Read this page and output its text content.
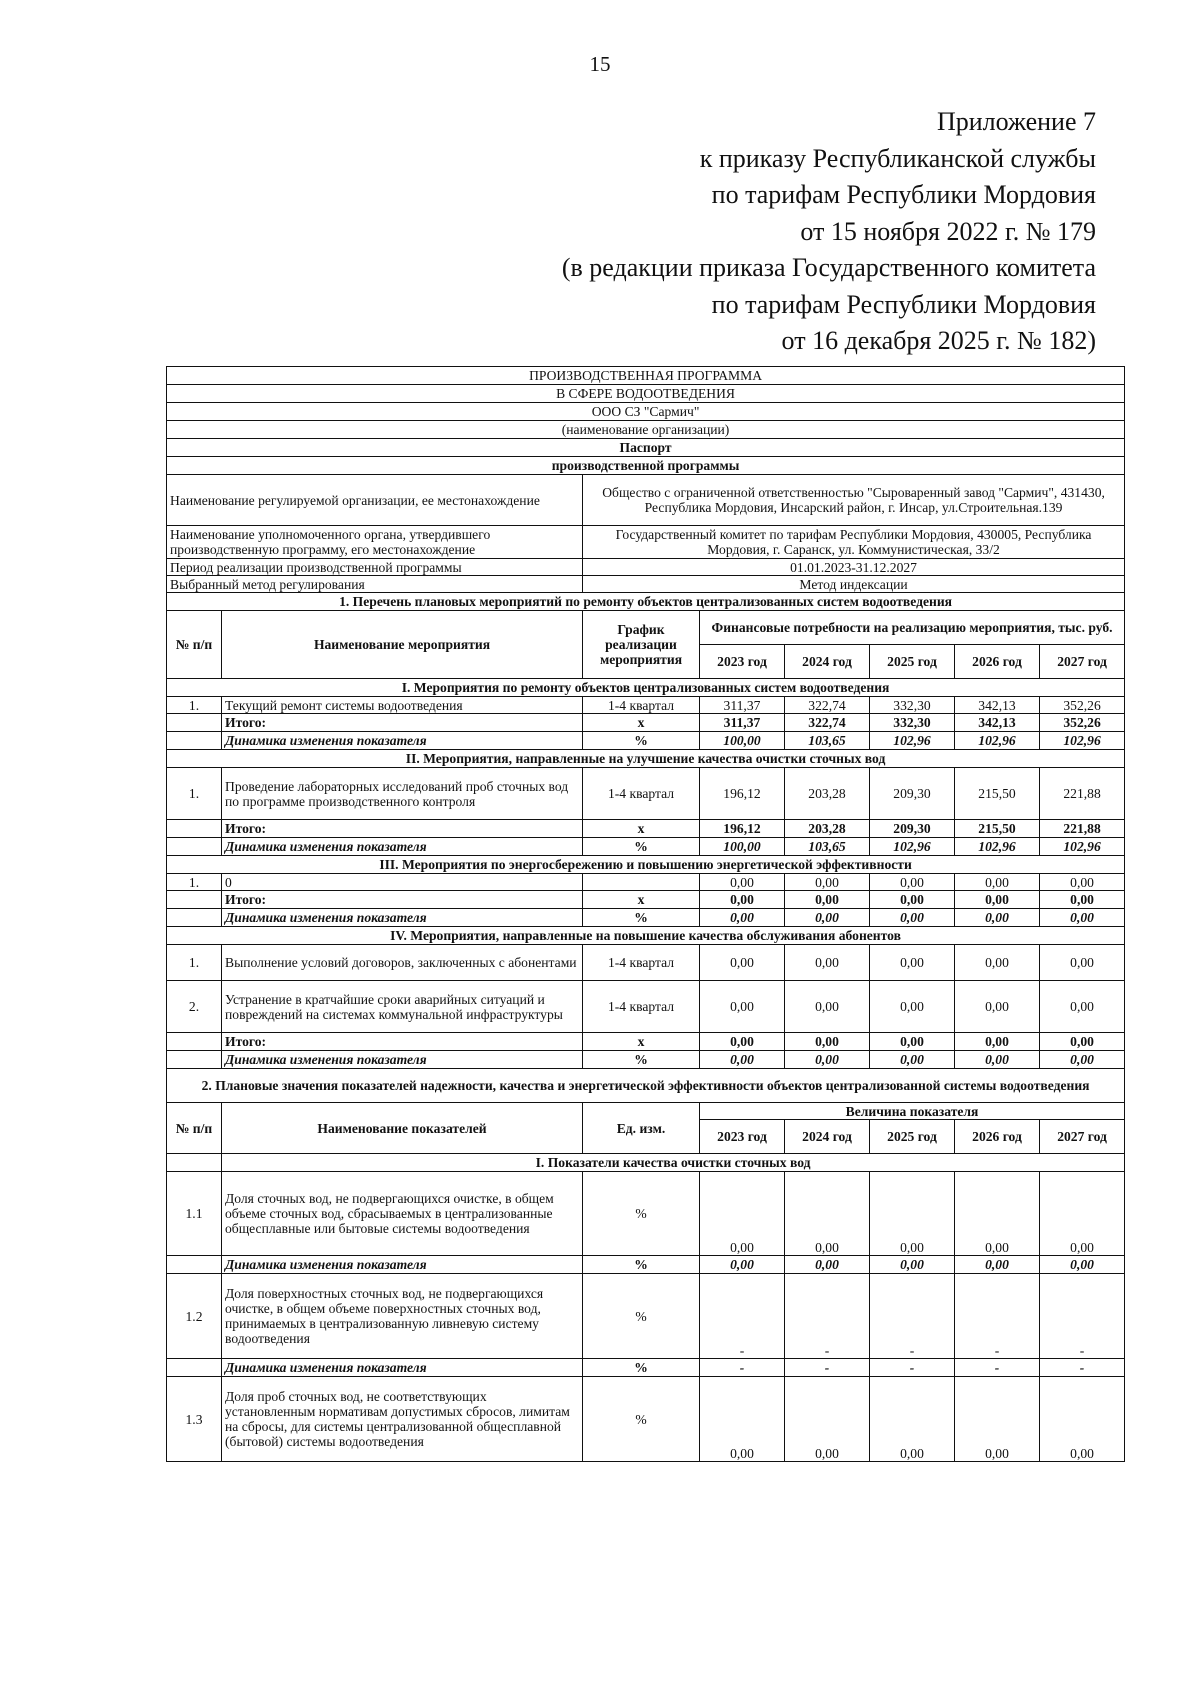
15
Приложение 7
к приказу Республиканской службы
по тарифам Республики Мордовия
от 15 ноября 2022 г. № 179
(в редакции приказа Государственного комитета
по тарифам Республики Мордовия
от 16 декабря 2025 г. № 182)
ПРОИЗВОДСТВЕННАЯ ПРОГРАММА							
В СФЕРЕ ВОДООТВЕДЕНИЯ							
ООО СЗ "Сармич"							
(наименование организации)							
Паспорт							
производственной программы							
Наименование регулируемой организации, ее местонахождение		Общество с ограниченной ответственностью "Сыроваренный завод "Сармич", 431430, Республика Мордовия, Инсарский район, г. Инсар, ул.Строительная.139					
Наименование уполномоченного органа, утвердившего производственную программу, его местонахождение		Государственный комитет по тарифам Республики Мордовия, 430005, Республика Мордовия, г. Саранск, ул. Коммунистическая, 33/2					
Период реализации производственной программы		01.01.2023-31.12.2027					
Выбранный метод регулирования		Метод индексации					
1. Перечень плановых мероприятий по ремонту объектов централизованных систем водоотведения							
№ п/п	Наименование мероприятия	График реализации мероприятия	Финансовые потребности на реализацию мероприятия, тыс. руб.				
			2023 год	2024 год	2025 год	2026 год	2027 год
I. Мероприятия по ремонту объектов централизованных систем водоотведения							
1.	Текущий ремонт системы водоотведения	1-4 квартал	311,37	322,74	332,30	342,13	352,26
	Итого:	х	311,37	322,74	332,30	342,13	352,26
	Динамика изменения показателя	%	100,00	103,65	102,96	102,96	102,96
II. Мероприятия, направленные на улучшение качества очистки сточных вод							
1.	Проведение лабораторных исследований проб сточных вод по программе производственного контроля	1-4 квартал	196,12	203,28	209,30	215,50	221,88
	Итого:	х	196,12	203,28	209,30	215,50	221,88
	Динамика изменения показателя	%	100,00	103,65	102,96	102,96	102,96
III. Мероприятия по энергосбережению и повышению энергетической эффективности							
1.	0		0,00	0,00	0,00	0,00	0,00
	Итого:	х	0,00	0,00	0,00	0,00	0,00
	Динамика изменения показателя	%	0,00	0,00	0,00	0,00	0,00
IV. Мероприятия, направленные на повышение качества обслуживания абонентов							
1.	Выполнение условий договоров, заключенных с абонентами	1-4 квартал	0,00	0,00	0,00	0,00	0,00
2.	Устранение в кратчайшие сроки аварийных ситуаций и повреждений на системах коммунальной инфраструктуры	1-4 квартал	0,00	0,00	0,00	0,00	0,00
	Итого:	х	0,00	0,00	0,00	0,00	0,00
	Динамика изменения показателя	%	0,00	0,00	0,00	0,00	0,00
2. Плановые значения показателей надежности, качества и энергетической эффективности объектов централизованной системы водоотведения							
№ п/п	Наименование показателей	Ед. изм.	Величина показателя				
			2023 год	2024 год	2025 год	2026 год	2027 год
	I. Показатели качества очистки сточных вод						
1.1	Доля сточных вод, не подвергающихся очистке, в общем объеме сточных вод, сбрасываемых в централизованные общесплавные или бытовые системы водоотведения	%	0,00	0,00	0,00	0,00	0,00
	Динамика изменения показателя	%	0,00	0,00	0,00	0,00	0,00
1.2	Доля поверхностных сточных вод, не подвергающихся очистке, в общем объеме поверхностных сточных вод, принимаемых в централизованную ливневую систему водоотведения	%	-	-	-	-	-
	Динамика изменения показателя	%	-	-	-	-	-
1.3	Доля проб сточных вод, не соответствующих установленным нормативам допустимых сбросов, лимитам на сбросы, для системы централизованной общесплавной (бытовой) системы водоотведения	%	0,00	0,00	0,00	0,00	0,00
